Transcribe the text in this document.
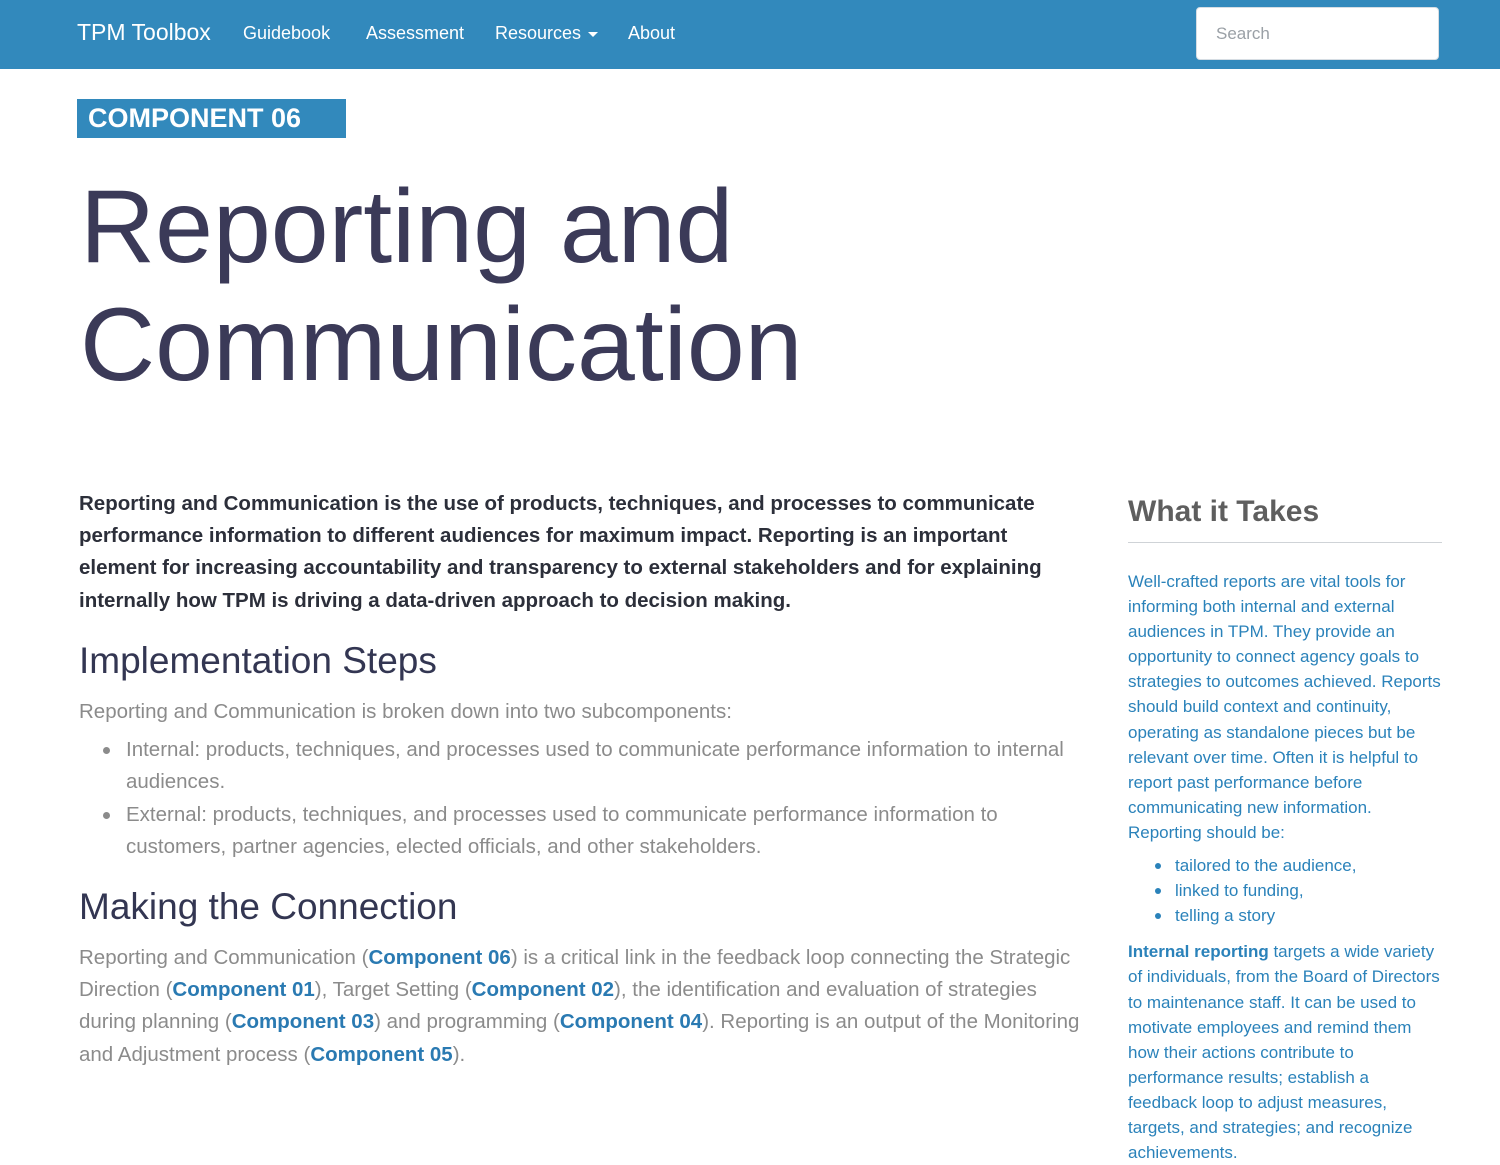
TPM Toolbox Guidebook Assessment Resources	About
Search
COMPONENT 06
Reporting and
Communication

Reporting and Communication is the use of products, techniques, and processes to communicate performance information to different audiences for maximum impact. Reporting is an important element for increasing accountability and transparency to external stakeholders and for explaining internally how TPM is driving a data-driven approach to decision making.

Implementation Steps

Reporting and Communication is broken down into two subcomponents:

Internal: products, techniques, and processes used to communicate performance information to internal audiences.
External: products, techniques, and processes used to communicate performance information to customers, partner agencies, elected officials, and other stakeholders.
Making the Connection

Reporting and Communication (Component 06) is a critical link in the feedback loop connecting the Strategic Direction (Component 01), Target Setting (Component 02), the identification and evaluation of strategies during planning (Component 03) and programming (Component 04). Reporting is an output of the Monitoring and Adjustment process (Component 05).

What it Takes

Well-crafted reports are vital tools for informing both internal and external audiences in TPM. They provide an opportunity to connect agency goals to strategies to outcomes achieved. Reports should build context and continuity, operating as standalone pieces but be relevant over time. Often it is helpful to report past performance before communicating new information. Reporting should be:

tailored to the audience,
linked to funding,
telling a story

Internal reporting targets a wide variety of individuals, from the Board of Directors to maintenance staff. It can be used to motivate employees and remind them how their actions contribute to performance results; establish a feedback loop to adjust measures, targets, and strategies; and recognize achievements.
